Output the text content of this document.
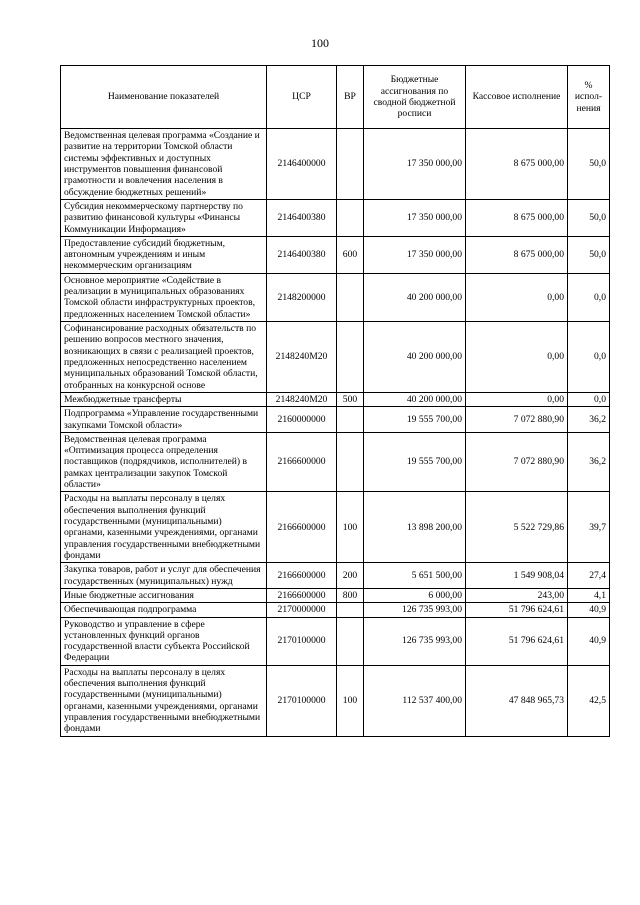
100
Наименование показателей	ЦСР	ВР	Бюджетные ассигнования по сводной бюджетной росписи	Кассовое исполнение	% испол-нения
Ведомственная целевая программа «Создание и развитие на территории Томской области системы эффективных и доступных инструментов повышения финансовой грамотности и вовлечения населения в обсуждение бюджетных решений»	2146400000		17 350 000,00	8 675 000,00	50,0
Субсидия некоммерческому партнерству по развитию финансовой культуры «Финансы Коммуникации Информация»	2146400380		17 350 000,00	8 675 000,00	50,0
Предоставление субсидий бюджетным, автономным учреждениям и иным некоммерческим организациям	2146400380	600	17 350 000,00	8 675 000,00	50,0
Основное мероприятие «Содействие в реализации в муниципальных образованиях Томской области инфраструктурных проектов, предложенных населением Томской области»	2148200000		40 200 000,00	0,00	0,0
Софинансирование расходных обязательств по решению вопросов местного значения, возникающих в связи с реализацией проектов, предложенных непосредственно населением муниципальных образований Томской области, отобранных на конкурсной основе	2148240M20		40 200 000,00	0,00	0,0
Межбюджетные трансферты	2148240M20	500	40 200 000,00	0,00	0,0
Подпрограмма «Управление государственными закупками Томской области»	2160000000		19 555 700,00	7 072 880,90	36,2
Ведомственная целевая программа «Оптимизация процесса определения поставщиков (подрядчиков, исполнителей) в рамках централизации закупок Томской области»	2166600000		19 555 700,00	7 072 880,90	36,2
Расходы на выплаты персоналу в целях обеспечения выполнения функций государственными (муниципальными) органами, казенными учреждениями, органами управления государственными внебюджетными фондами	2166600000	100	13 898 200,00	5 522 729,86	39,7
Закупка товаров, работ и услуг для обеспечения государственных (муниципальных) нужд	2166600000	200	5 651 500,00	1 549 908,04	27,4
Иные бюджетные ассигнования	2166600000	800	6 000,00	243,00	4,1
Обеспечивающая подпрограмма	2170000000		126 735 993,00	51 796 624,61	40,9
Руководство и управление в сфере установленных функций органов государственной власти субъекта Российской Федерации	2170100000		126 735 993,00	51 796 624,61	40,9
Расходы на выплаты персоналу в целях обеспечения выполнения функций государственными (муниципальными) органами, казенными учреждениями, органами управления государственными внебюджетными фондами	2170100000	100	112 537 400,00	47 848 965,73	42,5
